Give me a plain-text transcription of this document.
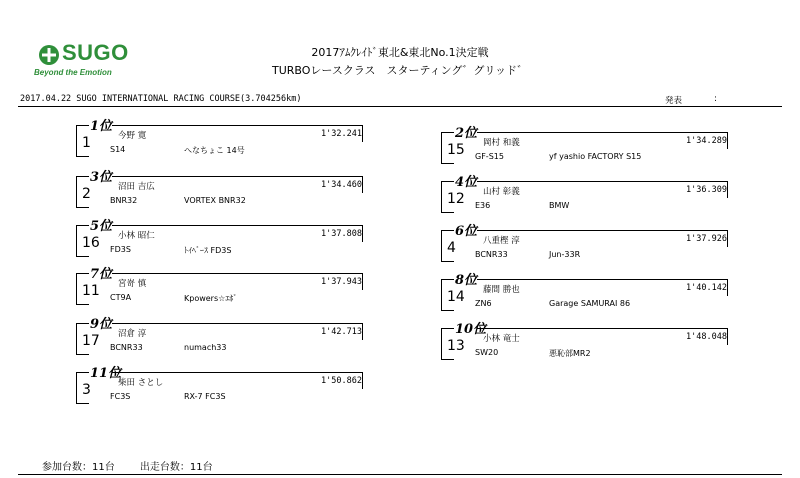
SUGO
Beyond the Emotion
2017ｱﾑｸﾚｲﾄﾞ東北&東北No.1決定戦
TURBOレースクラス　スターティング゛グリッド゛
2017.04.22 SUGO INTERNATIONAL RACING COURSE(3.704256km)	発表	:
1位
1	今野 寛	1'32.241
S14	へなちょこ 14号
3位
2	沼田 吉広	1'34.460
BNR32	VORTEX BNR32
5位
16 小林 昭仁	1'37.808
FD3S	ﾄｲﾍﾞｰｽ FD3S
7位
11 宮嵜 慎	1'37.943
CT9A	Kpowers☆ｴﾎﾞ
9位
17 沼倉 淳	1'42.713
BCNR33	numach33
11位
3	柴田 さとし	1'50.862
FC3S	RX-7 FC3S
2位
15 岡村 和義	1'34.289
GF-S15	yf yashio FACTORY S15
4位
12 山村 彰義	1'36.309
E36	BMW
6位
4	八重樫 淳	1'37.926
BCNR33	Jun-33R
8位
14 藤間 勝也	1'40.142
ZN6	Garage SAMURAI 86
10位
13 小林 竜士	1'48.048
SW20	悪恥部MR2
参加台数：11台	出走台数：11台
